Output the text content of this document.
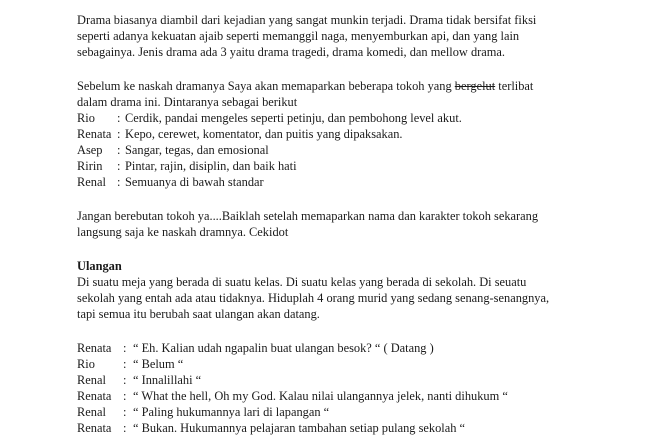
Drama biasanya diambil dari kejadian yang sangat munkin terjadi. Drama tidak bersifat fiksi
seperti adanya kekuatan ajaib seperti memanggil naga, menyemburkan api, dan yang lain
sebagainya. Jenis drama ada 3 yaitu drama tragedi, drama komedi, dan mellow drama.
Sebelum ke naskah dramanya Saya akan memaparkan beberapa tokoh yang bergelut terlibat
dalam drama ini. Dintaranya sebagai berikut
Rio	: Cerdik, pandai mengeles seperti petinju, dan pembohong level akut.
Renata : Kepo, cerewet, komentator, dan puitis yang dipaksakan.
Asep	: Sangar, tegas, dan emosional
Ririn	: Pintar, rajin, disiplin, dan baik hati
Renal : Semuanya di bawah standar
Jangan berebutan tokoh ya....Baiklah setelah memaparkan nama dan karakter tokoh sekarang
langsung saja ke naskah dramnya. Cekidot
Ulangan
Di suatu meja yang berada di suatu kelas. Di suatu kelas yang berada di sekolah. Di seuatu
sekolah yang entah ada atau tidaknya. Hiduplah 4 orang murid yang sedang senang-senangnya,
tapi semua itu berubah saat ulangan akan datang.
Renata : “ Eh. Kalian udah ngapalin buat ulangan besok? “ ( Datang )
Rio	: “ Belum “
Renal	: “ Innalillahi “
Renata : “ What the hell, Oh my God. Kalau nilai ulangannya jelek, nanti dihukum “
Renal	: “ Paling hukumannya lari di lapangan “
Renata : “ Bukan. Hukumannya pelajaran tambahan setiap pulang sekolah “
